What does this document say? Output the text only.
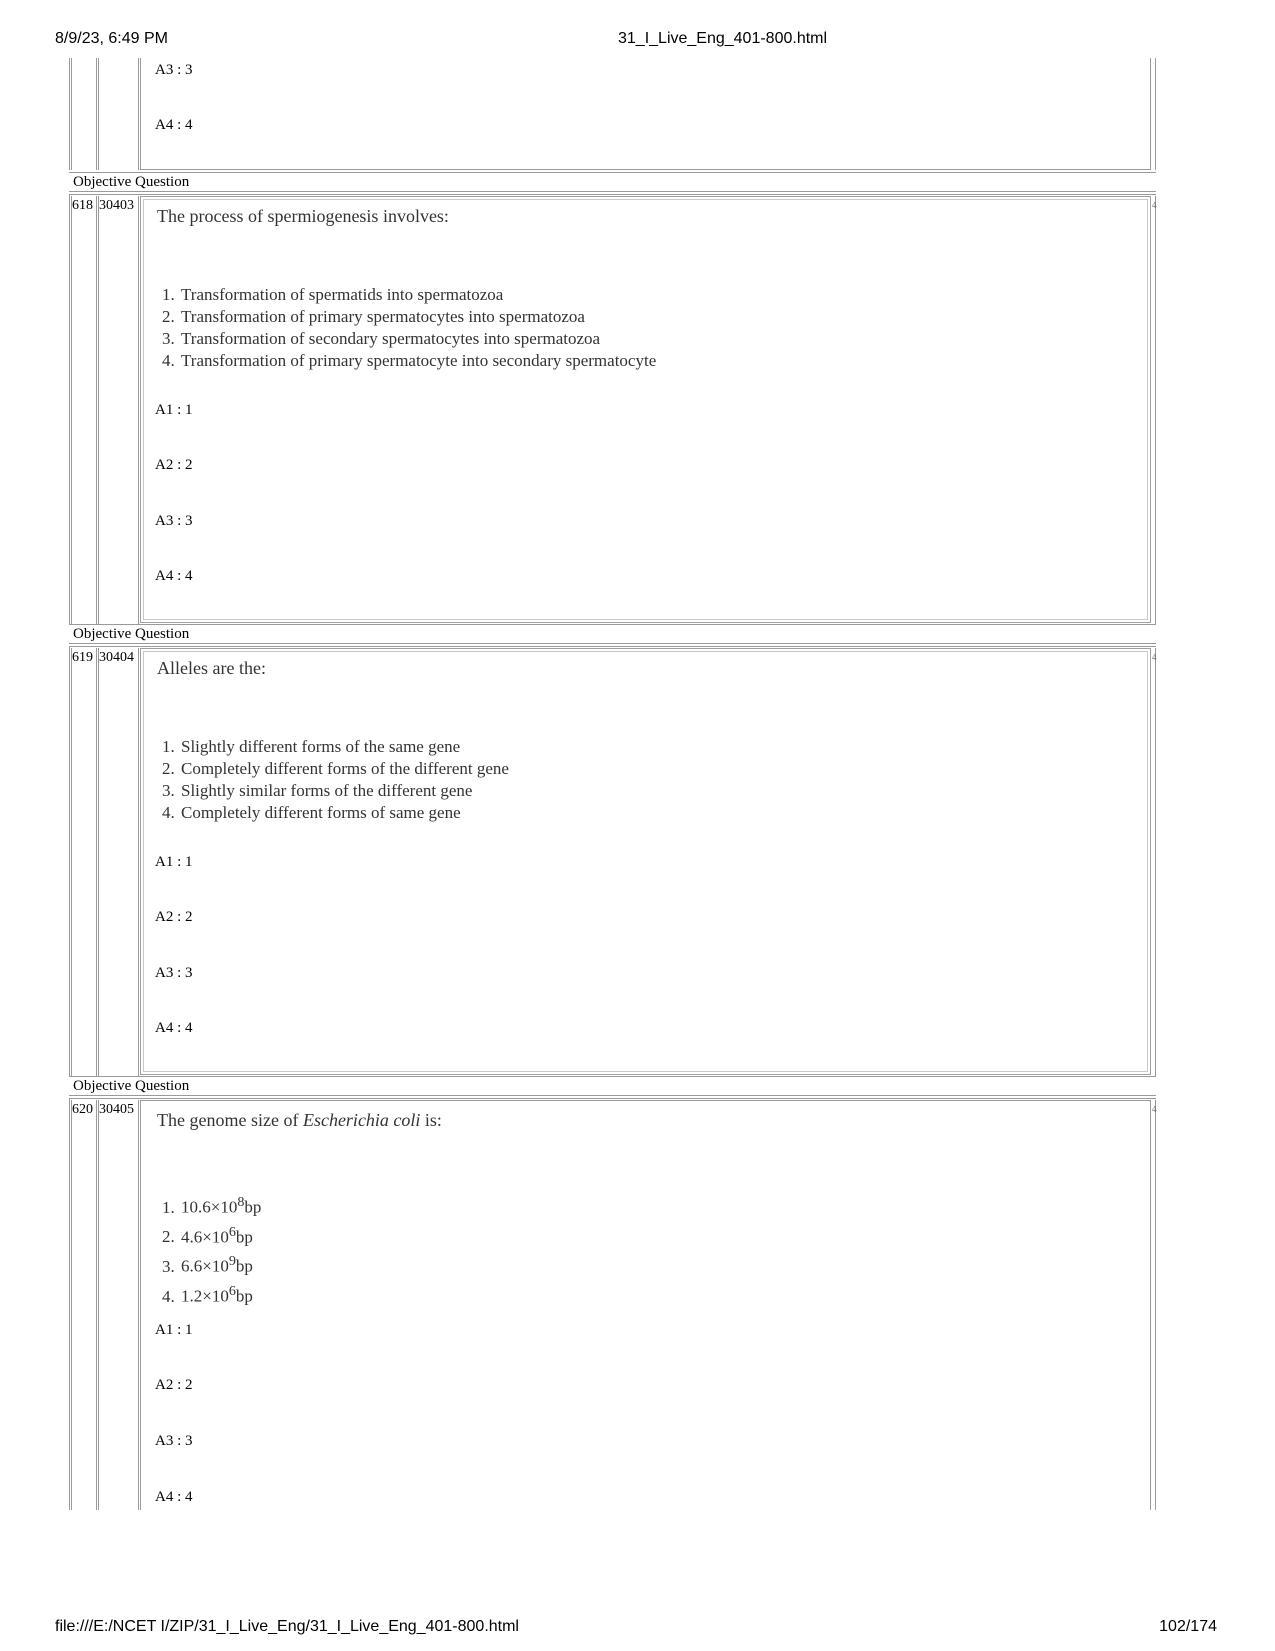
8/9/23, 6:49 PM	31_I_Live_Eng_401-800.html
file:///E:/NCET I/ZIP/31_I_Live_Eng/31_I_Live_Eng_401-800.html	102/174
A3 : 3
A4 : 4
Objective Question
4
618 30403
The process of spermiogenesis involves:
1. Transformation of spermatids into spermatozoa
2. Transformation of primary spermatocytes into spermatozoa
3. Transformation of secondary spermatocytes into spermatozoa
4. Transformation of primary spermatocyte into secondary spermatocyte
A1 : 1
A2 : 2
A3 : 3
A4 : 4
Objective Question
4
619 30404
Alleles are the:
1. Slightly different forms of the same gene
2. Completely different forms of the different gene
3. Slightly similar forms of the different gene
4. Completely different forms of same gene
A1 : 1
A2 : 2
A3 : 3
A4 : 4
Objective Question
4
620 30405
The genome size of Escherichia coli is:
1. $10.6\times 10^8bp$
2. $4.6\times 10^6bp$
3. $6.6\times 10^9bp$
4. $1.2\times 10^6bp$
A1 : 1
A2 : 2
A3 : 3
A4 : 4
